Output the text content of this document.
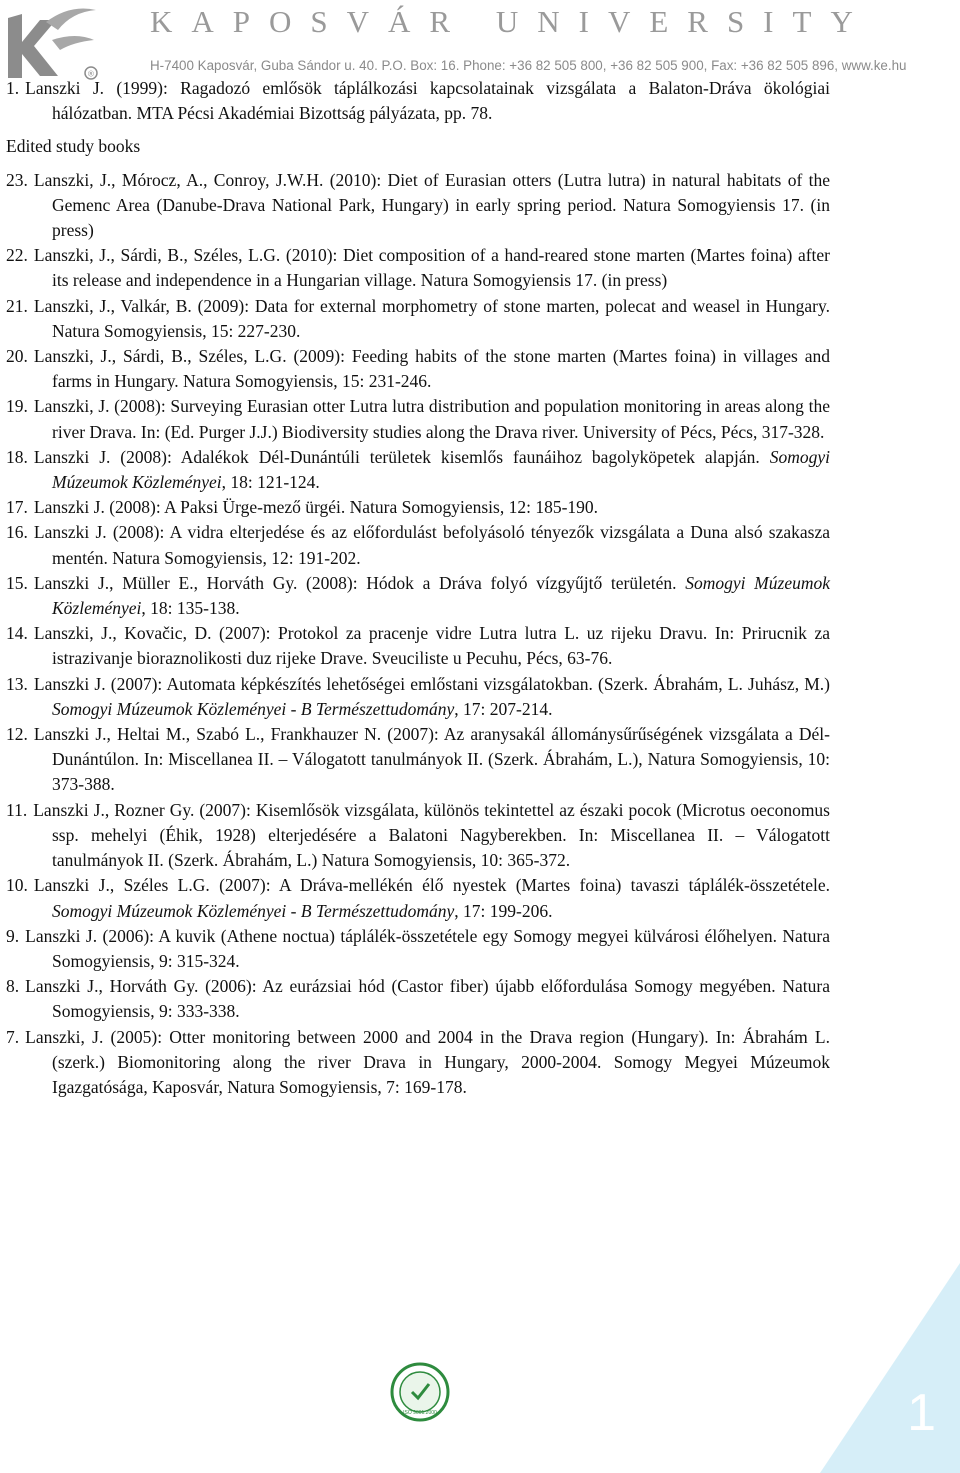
®
KAPOSVÁR UNIVERSITY
H-7400 Kaposvár, Guba Sándor u. 40. P.O. Box: 16. Phone: +36 82 505 800, +36 82 505 900, Fax: +36 82 505 896, www.ke.hu

1. Lanszki J. (1999): Ragadozó emlősök táplálkozási kapcsolatainak vizsgálata a Balaton-Dráva ökológiai hálózatban. MTA Pécsi Akadémiai Bizottság pályázata, pp. 78.

Edited study books

23. Lanszki, J., Mórocz, A., Conroy, J.W.H. (2010): Diet of Eurasian otters (Lutra lutra) in natural habitats of the Gemenc Area (Danube-Drava National Park, Hungary) in early spring period. Natura Somogyiensis 17. (in press)

22. Lanszki, J., Sárdi, B., Széles, L.G. (2010): Diet composition of a hand-reared stone marten (Martes foina) after its release and independence in a Hungarian village. Natura Somogyiensis 17. (in press)

21. Lanszki, J., Valkár, B. (2009): Data for external morphometry of stone marten, polecat and weasel in Hungary. Natura Somogyiensis, 15: 227-230.

20. Lanszki, J., Sárdi, B., Széles, L.G. (2009): Feeding habits of the stone marten (Martes foina) in villages and farms in Hungary. Natura Somogyiensis, 15: 231-246.

19. Lanszki, J. (2008): Surveying Eurasian otter Lutra lutra distribution and population monitoring in areas along the river Drava. In: (Ed. Purger J.J.) Biodiversity studies along the Drava river. University of Pécs, Pécs, 317-328.

18. Lanszki J. (2008): Adalékok Dél-Dunántúli területek kisemlős faunáihoz bagolyköpetek alapján. Somogyi Múzeumok Közleményei, 18: 121-124.

17. Lanszki J. (2008): A Paksi Ürge-mező ürgéi. Natura Somogyiensis, 12: 185-190.

16. Lanszki J. (2008): A vidra elterjedése és az előfordulást befolyásoló tényezők vizsgálata a Duna alsó szakasza mentén. Natura Somogyiensis, 12: 191-202.

15. Lanszki J., Müller E., Horváth Gy. (2008): Hódok a Dráva folyó vízgyűjtő területén. Somogyi Múzeumok Közleményei, 18: 135-138.

14. Lanszki, J., Kovačic, D. (2007): Protokol za pracenje vidre Lutra lutra L. uz rijeku Dravu. In: Prirucnik za istrazivanje bioraznolikosti duz rijeke Drave. Sveuciliste u Pecuhu, Pécs, 63-76.

13. Lanszki J. (2007): Automata képkészítés lehetőségei emlőstani vizsgálatokban. (Szerk. Ábrahám, L. Juhász, M.) Somogyi Múzeumok Közleményei - B Természettudomány, 17: 207-214.

12. Lanszki J., Heltai M., Szabó L., Frankhauzer N. (2007): Az aranysakál állománysűrűségének vizsgálata a Dél-Dunántúlon. In: Miscellanea II. – Válogatott tanulmányok II. (Szerk. Ábrahám, L.), Natura Somogyiensis, 10: 373-388.

11. Lanszki J., Rozner Gy. (2007): Kisemlősök vizsgálata, különös tekintettel az északi pocok (Microtus oeconomus ssp. mehelyi (Éhik, 1928) elterjedésére a Balatoni Nagyberekben. In: Miscellanea II. – Válogatott tanulmányok II. (Szerk. Ábrahám, L.) Natura Somogyiensis, 10: 365-372.

10. Lanszki J., Széles L.G. (2007): A Dráva-mellékén élő nyestek (Martes foina) tavaszi táplálék-összetétele. Somogyi Múzeumok Közleményei - B Természettudomány, 17: 199-206.

9. Lanszki J. (2006): A kuvik (Athene noctua) táplálék-összetétele egy Somogy megyei külvárosi élőhelyen. Natura Somogyiensis, 9: 315-324.

8. Lanszki J., Horváth Gy. (2006): Az eurázsiai hód (Castor fiber) újabb előfordulása Somogy megyében. Natura Somogyiensis, 9: 333-338.

7. Lanszki, J. (2005): Otter monitoring between 2000 and 2004 in the Drava region (Hungary). In: Ábrahám L. (szerk.) Biomonitoring along the river Drava in Hungary, 2000-2004. Somogy Megyei Múzeumok Igazgatósága, Kaposvár, Natura Somogyiensis, 7: 169-178.

ISO 9001:2000	1
